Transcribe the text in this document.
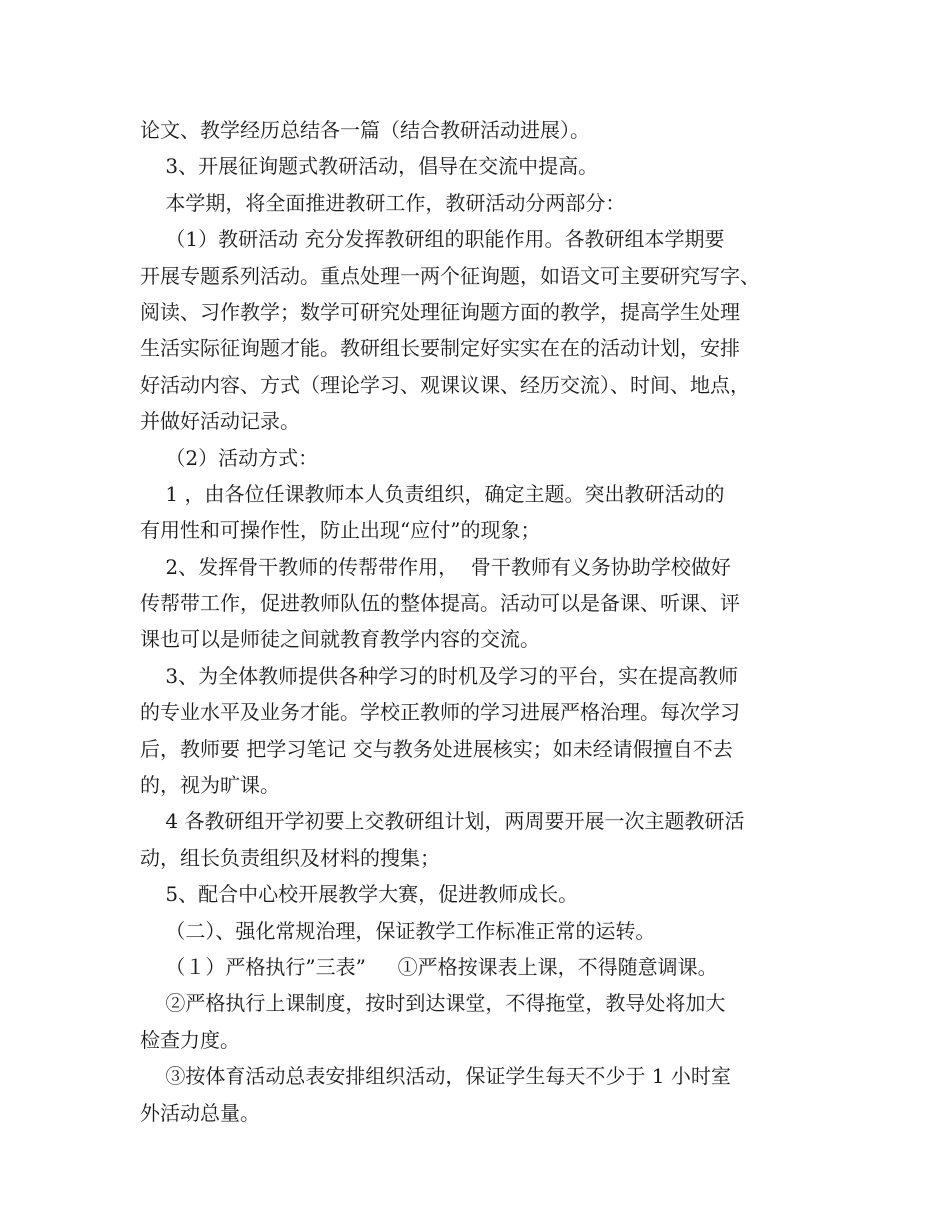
论文、教学经历总结各一篇（结合教研活动进展）。
3、开展征询题式教研活动，倡导在交流中提高。
本学期，将全面推进教研工作，教研活动分两部分：
（1）教研活动 充分发挥教研组的职能作用。各教研组本学期要
开展专题系列活动。重点处理一两个征询题，如语文可主要研究写字、
阅读、习作教学；数学可研究处理征询题方面的教学，提高学生处理
生活实际征询题才能。教研组长要制定好实实在在的活动计划，安排
好活动内容、方式（理论学习、观课议课、经历交流）、时间、地点，
并做好活动记录。
（2）活动方式：
1 ，由各位任课教师本人负责组织，确定主题。突出教研活动的
有用性和可操作性，防止出现“应付”的现象；
2、发挥骨干教师的传帮带作用，  骨干教师有义务协助学校做好
传帮带工作，促进教师队伍的整体提高。活动可以是备课、听课、评
课也可以是师徒之间就教育教学内容的交流。
3、为全体教师提供各种学习的时机及学习的平台，实在提高教师
的专业水平及业务才能。学校正教师的学习进展严格治理。每次学习
后，教师要 把学习笔记 交与教务处进展核实；如未经请假擅自不去
的，视为旷课。
4 各教研组开学初要上交教研组计划，两周要开展一次主题教研活
动，组长负责组织及材料的搜集；
5、配合中心校开展教学大赛，促进教师成长。
（二）、强化常规治理，保证教学工作标准正常的运转。
（１）严格执行”三表”     ①严格按课表上课，不得随意调课。
②严格执行上课制度，按时到达课堂，不得拖堂，教导处将加大
检查力度。
③按体育活动总表安排组织活动，保证学生每天不少于 1 小时室
外活动总量。
